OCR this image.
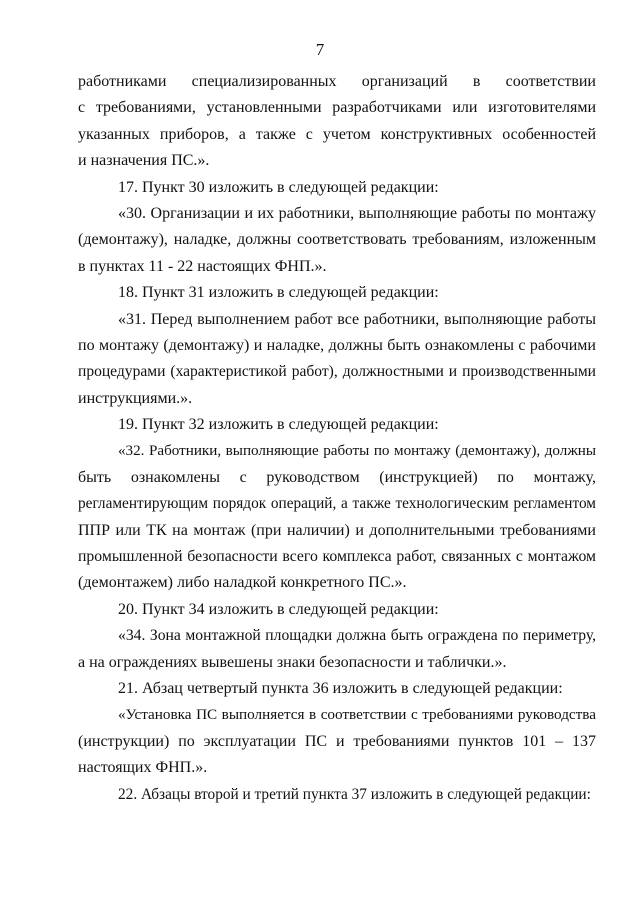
7
работниками специализированных организаций в соответствии
с требованиями, установленными разработчиками или изготовителями
указанных приборов, а также с учетом конструктивных особенностей
и назначения ПС.».
17. Пункт 30 изложить в следующей редакции:
«30. Организации и их работники, выполняющие работы по монтажу
(демонтажу), наладке, должны соответствовать требованиям, изложенным
в пунктах 11 - 22 настоящих ФНП.».
18. Пункт 31 изложить в следующей редакции:
«31. Перед выполнением работ все работники, выполняющие работы
по монтажу (демонтажу) и наладке, должны быть ознакомлены с рабочими
процедурами (характеристикой работ), должностными и производственными
инструкциями.».
19. Пункт 32 изложить в следующей редакции:
«32. Работники, выполняющие работы по монтажу (демонтажу), должны
быть ознакомлены с руководством (инструкцией) по монтажу,
регламентирующим порядок операций, а также технологическим регламентом
ППР или ТК на монтаж (при наличии) и дополнительными требованиями
промышленной безопасности всего комплекса работ, связанных с монтажом
(демонтажем) либо наладкой конкретного ПС.».
20. Пункт 34 изложить в следующей редакции:
«34. Зона монтажной площадки должна быть ограждена по периметру,
а на ограждениях вывешены знаки безопасности и таблички.».
21. Абзац четвертый пункта 36 изложить в следующей редакции:
«Установка ПС выполняется в соответствии с требованиями руководства
(инструкции) по эксплуатации ПС и требованиями пунктов 101 – 137
настоящих ФНП.».
22. Абзацы второй и третий пункта 37 изложить в следующей редакции:
